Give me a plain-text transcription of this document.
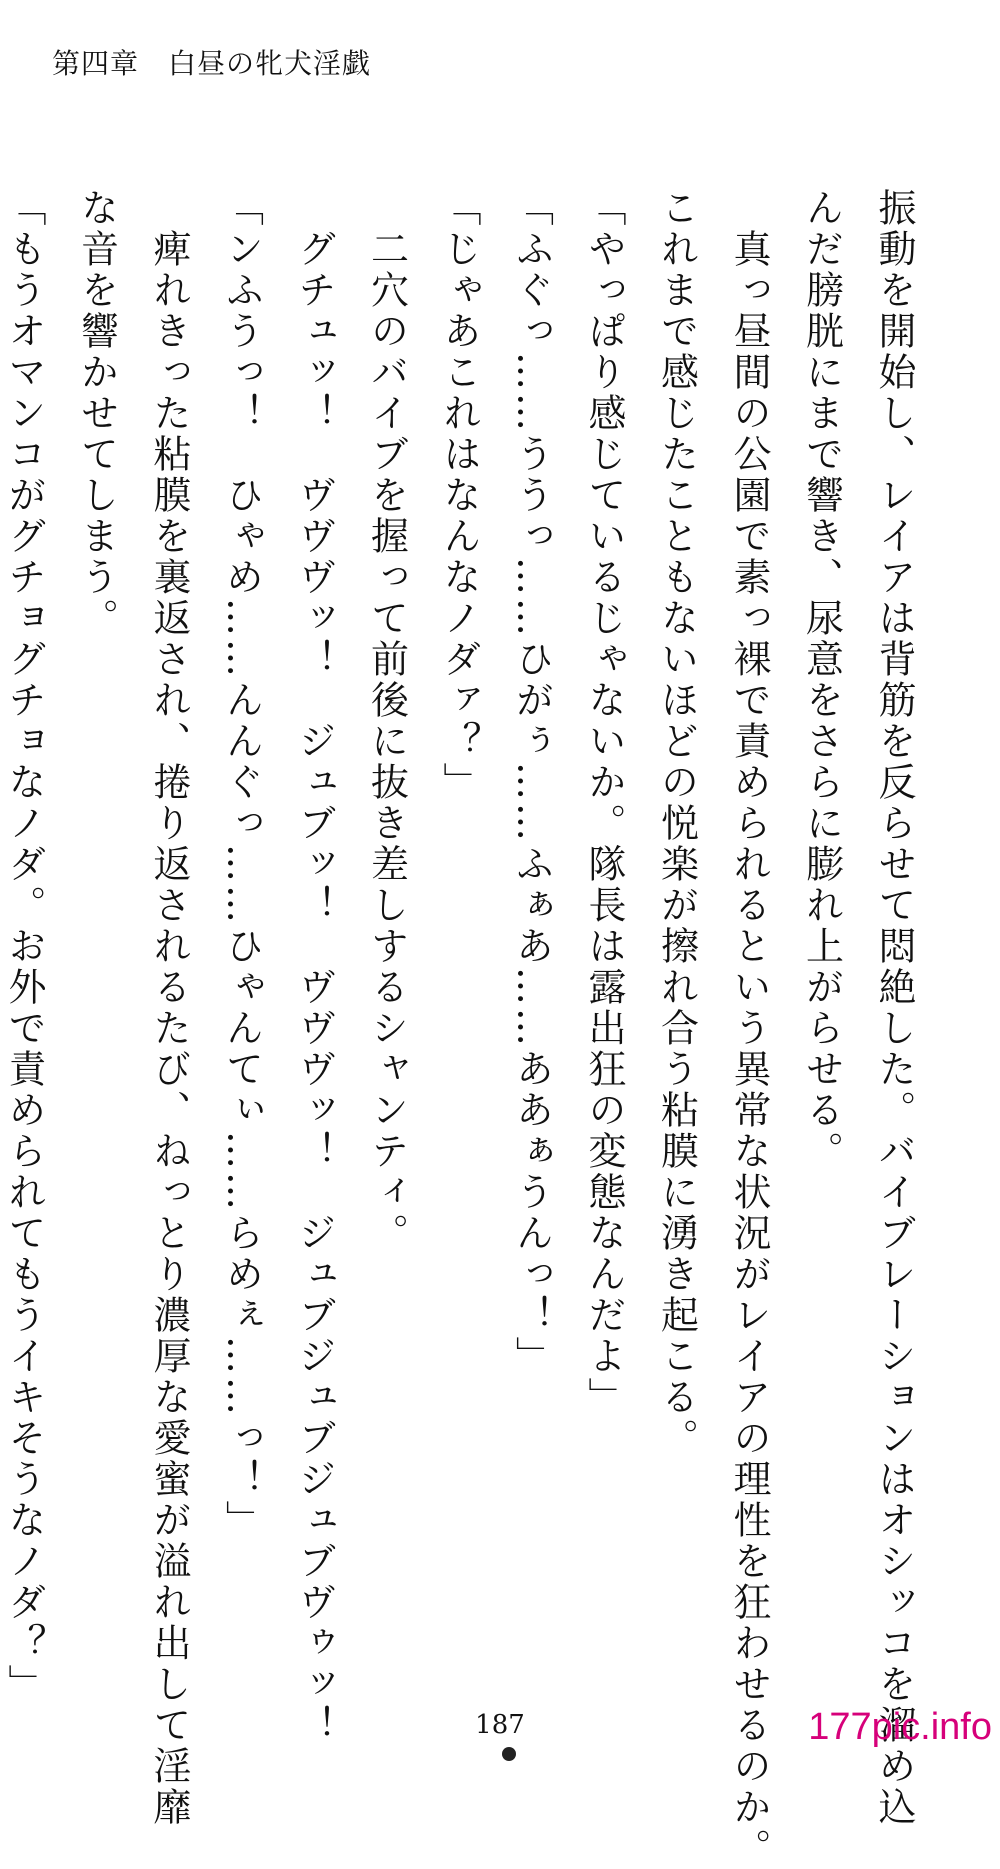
第四章　白昼の牝犬淫戯
振動を開始し、レイアは背筋を反らせて悶絶した。バイブレーションはオシッコを溜め込
んだ膀胱にまで響き、尿意をさらに膨れ上がらせる。
　真っ昼間の公園で素っ裸で責められるという異常な状況がレイアの理性を狂わせるのか。
これまで感じたこともないほどの悦楽が擦れ合う粘膜に湧き起こる。
「やっぱり感じているじゃないか。隊長は露出狂の変態なんだよ」
「ふぐっ……ううっ……ひがぅ……ふぁあ……ああぁうんっ！」
「じゃあこれはなんなノダァ？」
　二穴のバイブを握って前後に抜き差しするシャンティ。
　グチュッ！　ヴヴヴッ！　ジュブッ！　ヴヴヴッ！　ジュブジュブジュブヴゥッ！
「ンふうっ！　ひゃめ……んんぐっ……ひゃんてぃ……らめぇ……っ！」
　痺れきった粘膜を裏返され、捲り返されるたび、ねっとり濃厚な愛蜜が溢れ出して淫靡
な音を響かせてしまう。
「もうオマンコがグチョグチョなノダ。お外で責められてもうイキそうなノダ？」
187	177pic.info
